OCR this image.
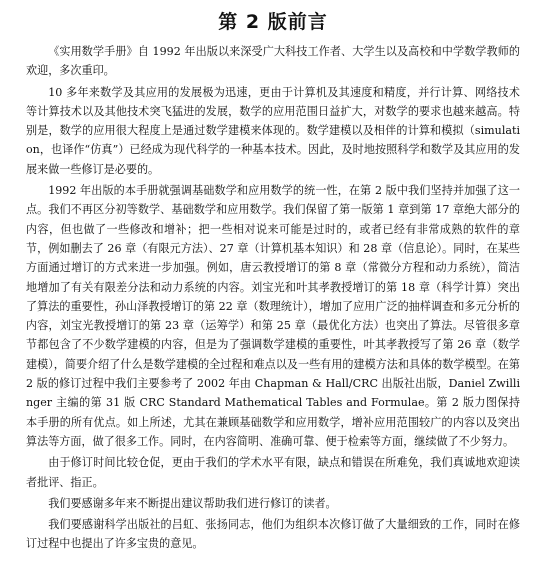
第 2 版前言

《实用数学手册》自 1992 年出版以来深受广大科技工作者、大学生以及高校和中学数学教师的欢迎，多次重印。

10 多年来数学及其应用的发展极为迅速，更由于计算机及其速度和精度，并行计算、网络技术等计算技术以及其他技术突飞猛进的发展，数学的应用范围日益扩大，对数学的要求也越来越高。特别是，数学的应用很大程度上是通过数学建模来体现的。数学建模以及相伴的计算和模拟（simulation，也译作“仿真”）已经成为现代科学的一种基本技术。因此，及时地按照科学和数学及其应用的发展来做一些修订是必要的。

1992 年出版的本手册就强调基础数学和应用数学的统一性，在第 2 版中我们坚持并加强了这一点。我们不再区分初等数学、基础数学和应用数学。我们保留了第一版第 1 章到第 17 章绝大部分的内容，但也做了一些修改和增补；把一些相对说来可能是过时的，或者已经有非常成熟的软件的章节，例如删去了 26 章（有限元方法）、27 章（计算机基本知识）和 28 章（信息论）。同时，在某些方面通过增订的方式来进一步加强。例如，唐云教授增订的第 8 章（常微分方程和动力系统），简洁地增加了有关有限差分法和动力系统的内容。刘宝光和叶其孝教授增订的第 18 章（科学计算）突出了算法的重要性，孙山泽教授增订的第 22 章（数理统计），增加了应用广泛的抽样调查和多元分析的内容，刘宝光教授增订的第 23 章（运筹学）和第 25 章（最优化方法）也突出了算法。尽管很多章节都包含了不少数学建模的内容，但是为了强调数学建模的重要性，叶其孝教授写了第 26 章（数学建模），简要介绍了什么是数学建模的全过程和难点以及一些有用的建模方法和具体的数学模型。在第 2 版的修订过程中我们主要参考了 2002 年由 Chapman & Hall/CRC 出版社出版，Daniel Zwillinger 主编的第 31 版 CRC Standard Mathematical Tables and Formulae。第 2 版力图保持本手册的所有优点。如上所述，尤其在兼顾基础数学和应用数学，增补应用范围较广的内容以及突出算法等方面，做了很多工作。同时，在内容简明、准确可靠、便于检索等方面，继续做了不少努力。

由于修订时间比较仓促，更由于我们的学术水平有限，缺点和错误在所难免，我们真诚地欢迎读者批评、指正。

我们要感谢多年来不断提出建议帮助我们进行修订的读者。

我们要感谢科学出版社的吕虹、张扬同志，他们为组织本次修订做了大量细致的工作，同时在修订过程中也提出了许多宝贵的意见。
